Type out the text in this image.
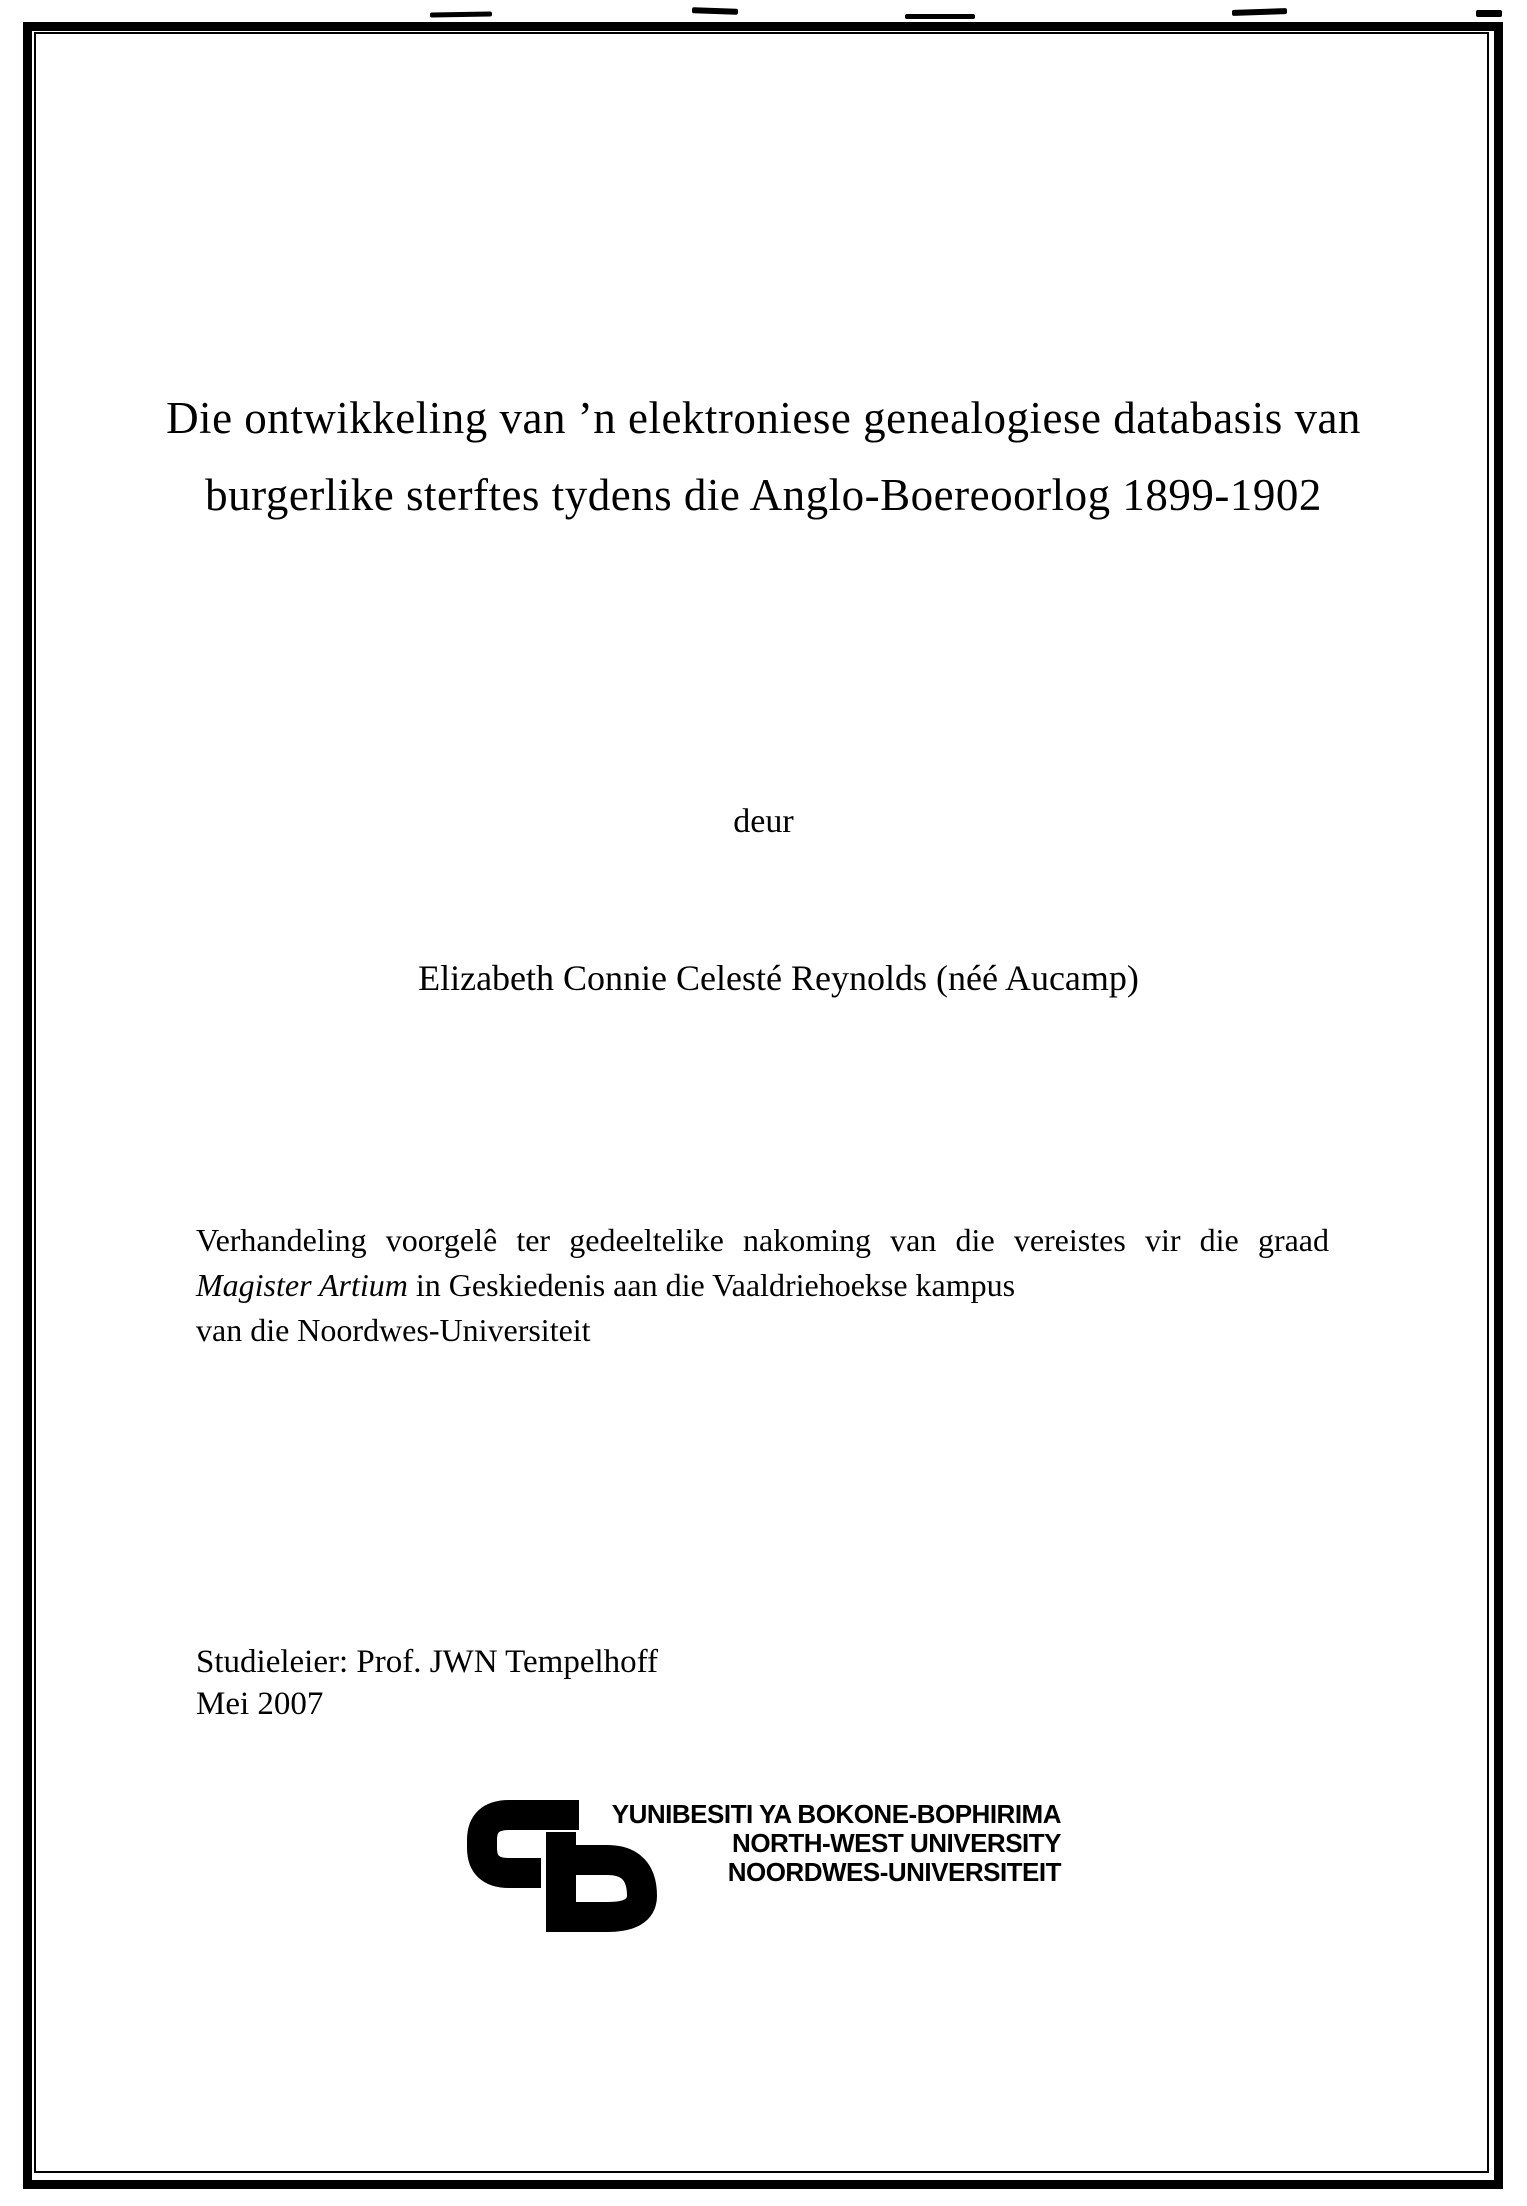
Die ontwikkeling van ’n elektroniese genealogiese databasis van
burgerlike sterftes tydens die Anglo-Boereoorlog 1899-1902
deur
Elizabeth Connie Celesté Reynolds (néé Aucamp)

Verhandeling voorgelê ter gedeeltelike nakoming van die vereistes vir die graad Magister Artium in Geskiedenis aan die Vaaldriehoekse kampus
van die Noordwes-Universiteit

Studieleier: Prof. JWN Tempelhoff
Mei 2007
YUNIBESITI YA BOKONE-BOPHIRIMA
NORTH-WEST UNIVERSITY
NOORDWES-UNIVERSITEIT
